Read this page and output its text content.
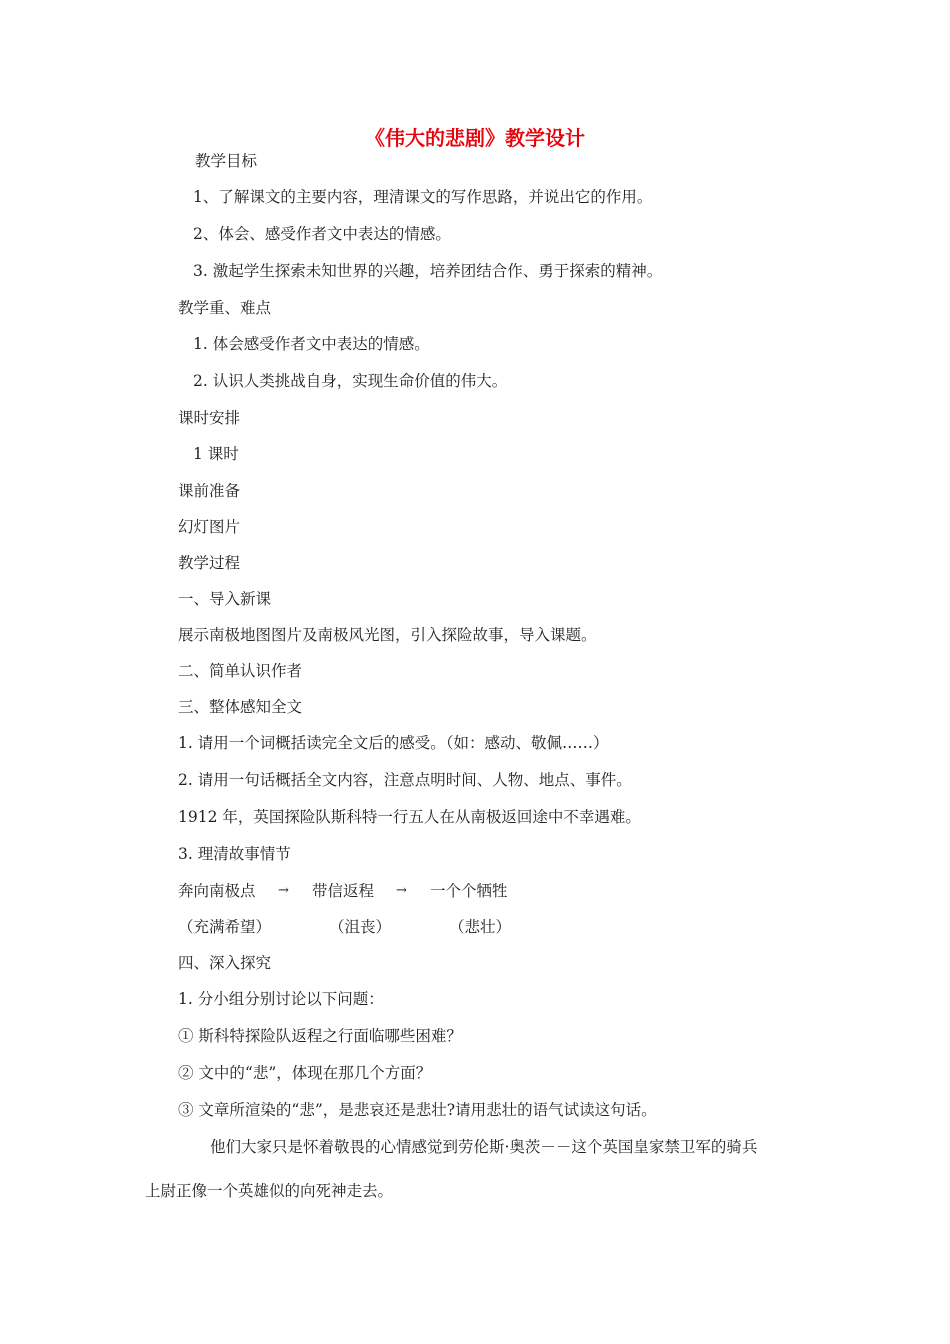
《伟大的悲剧》教学设计
教学目标
1、了解课文的主要内容，理清课文的写作思路，并说出它的作用。
2、体会、感受作者文中表达的情感。
3. 激起学生探索未知世界的兴趣，培养团结合作、勇于探索的精神。
教学重、难点
1. 体会感受作者文中表达的情感。
2. 认识人类挑战自身，实现生命价值的伟大。
课时安排
1 课时
课前准备
幻灯图片
教学过程
一、导入新课
展示南极地图图片及南极风光图，引入探险故事，导入课题。
二、简单认识作者
三、整体感知全文
1. 请用一个词概括读完全文后的感受。（如：感动、敬佩……）
2. 请用一句话概括全文内容，注意点明时间、人物、地点、事件。
1912 年，英国探险队斯科特一行五人在从南极返回途中不幸遇难。
3. 理清故事情节
奔向南极点 → 带信返程 → 一个个牺牲
（充满希望）	（沮丧）	（悲壮）
四、深入探究
1. 分小组分别讨论以下问题：
① 斯科特探险队返程之行面临哪些困难？
② 文中的“悲”，体现在那几个方面？
③ 文章所渲染的“悲”，是悲哀还是悲壮?请用悲壮的语气试读这句话。
他们大家只是怀着敬畏的心情感觉到劳伦斯·奥茨－－这个英国皇家禁卫军的骑兵
上尉正像一个英雄似的向死神走去。
